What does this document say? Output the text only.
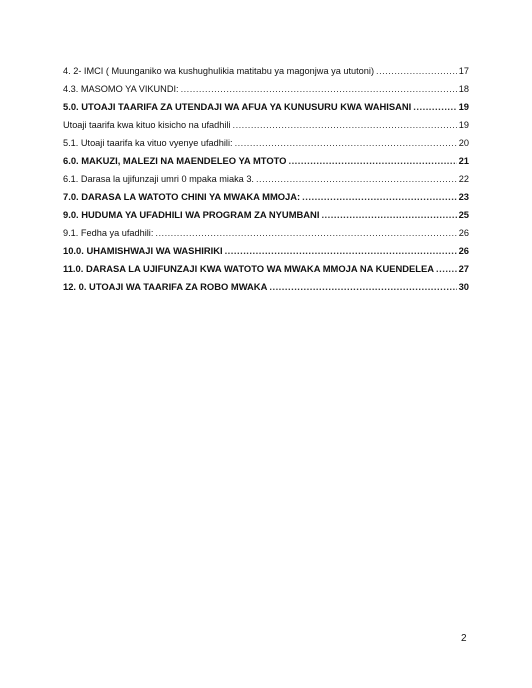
4. 2- IMCI ( Muunganiko wa kushughulikia matitabu ya magonjwa ya ututoni) .....	17
4.3. MASOMO YA VIKUNDI: .....	18
5.0. UTOAJI TAARIFA ZA UTENDAJI WA AFUA YA KUNUSURU KWA WAHISANI .....	19
Utoaji taarifa kwa kituo kisicho na ufadhili .....	19
5.1. Utoaji taarifa ka vituo vyenye ufadhili: .....	20
6.0. MAKUZI, MALEZI NA MAENDELEO YA MTOTO .....	21
6.1. Darasa la ujifunzaji umri 0 mpaka miaka 3. .....	22
7.0. DARASA LA WATOTO CHINI YA MWAKA MMOJA: .....	23
9.0. HUDUMA YA UFADHILI WA PROGRAM ZA NYUMBANI .....	25
9.1. Fedha ya ufadhili: .....	26
10.0. UHAMISHWAJI WA WASHIRIKI .....	26
11.0. DARASA LA UJIFUNZAJI KWA WATOTO WA MWAKA MMOJA NA KUENDELEA .....	27
12. 0. UTOAJI WA TAARIFA ZA ROBO MWAKA .....	30
2
